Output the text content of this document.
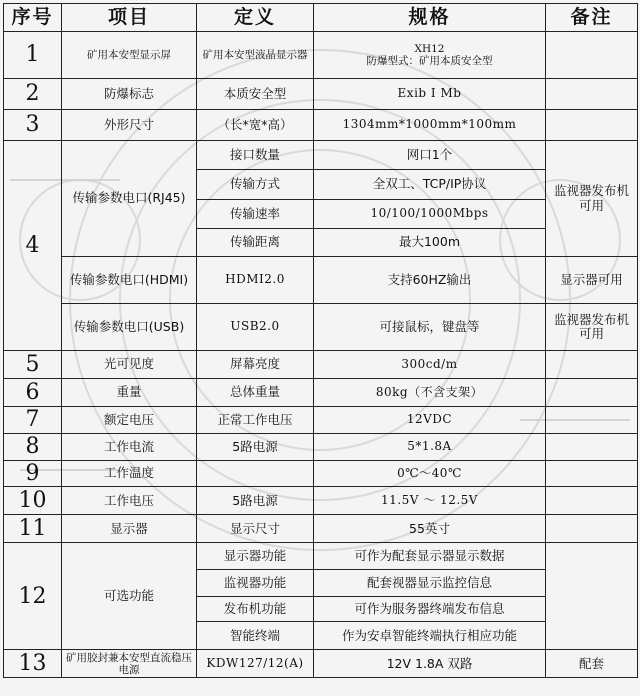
序号	项目	定义	规格	备注
1	矿用本安型显示屏	矿用本安型液晶显示器	XH12
防爆型式：矿用本质安全型	

2	防爆标志	本质安全型	Exib I Mb	
3	外形尺寸	（长*宽*高）	1304mm*1000mm*100mm	
4	传输参数电口(RJ45)	接口数量	网口1个	监视器发布机可用
		传输方式	全双工、TCP/IP协议	
		传输速率	10/100/1000Mbps	
		传输距离	最大100m	
	传输参数电口(HDMI)	HDMI2.0	支持60HZ输出	显示器可用
	传输参数电口(USB)	USB2.0	可接鼠标，键盘等	监视器发布机可用
5	光可见度	屏幕亮度	300cd/m	
6	重量	总体重量	80kg（不含支架）	
7	额定电压	正常工作电压	12VDC	
8	工作电流	5路电源	5*1.8A	
9	工作温度		0℃～40℃	
10	工作电压	5路电源	11.5V ～ 12.5V	
11	显示器	显示尺寸	55英寸	
12	可选功能	显示器功能	可作为配套显示器显示数据	
		监视器功能	配套视器显示监控信息	
		发布机功能	可作为服务器终端发布信息	
		智能终端	作为安卓智能终端执行相应功能	
13	矿用胶封兼本安型直流稳压电源	KDW127/12(A)	12V 1.8A 双路	配套
